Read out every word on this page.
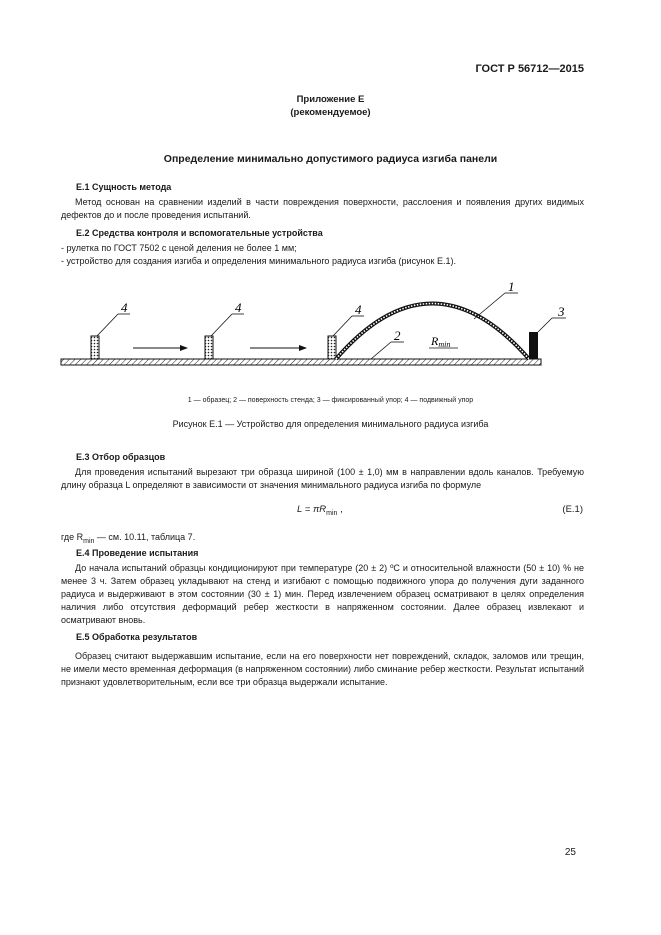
ГОСТ Р 56712—2015
Приложение Е
(рекомендуемое)
Определение минимально допустимого радиуса изгиба панели
Е.1 Сущность метода
Метод основан на сравнении изделий в части повреждения поверхности, расслоения и появления других видимых дефектов до и после проведения испытаний.
Е.2 Средства контроля и вспомогательные устройства
- рулетка по ГОСТ 7502 с ценой деления не более 1 мм;
- устройство для создания изгиба и определения минимального радиуса изгиба (рисунок Е.1).
4	4	4
1
2
3
Rmin
1 — образец; 2 — поверхность стенда; 3 — фиксированный упор; 4 — подвижный упор
Рисунок Е.1 — Устройство для определения минимального радиуса изгиба
Е.3 Отбор образцов
Для проведения испытаний вырезают три образца шириной (100 ± 1,0) мм в направлении вдоль каналов. Требуемую длину образца L определяют в зависимости от значения минимального радиуса изгиба по формуле
$L = \pi R_{min}$ ,	(Е.1)
где $R_{min}$ — см. 10.11, таблица 7.
Е.4 Проведение испытания
До начала испытаний образцы кондиционируют при температуре (20 ± 2) ºС и относительной влажности (50 ± 10) % не менее 3 ч. Затем образец укладывают на стенд и изгибают с помощью подвижного упора до получения дуги заданного радиуса и выдерживают в этом состоянии (30 ± 1) мин. Перед извлечением образец осматривают в целях определения наличия либо отсутствия деформаций ребер жесткости в напряженном состоянии. Далее образец извлекают и осматривают вновь.
Е.5 Обработка результатов
Образец считают выдержавшим испытание, если на его поверхности нет повреждений, складок, заломов или трещин, не имели место временная деформация (в напряженном состоянии) либо сминание ребер жесткости. Результат испытаний признают удовлетворительным, если все три образца выдержали испытание.
25
